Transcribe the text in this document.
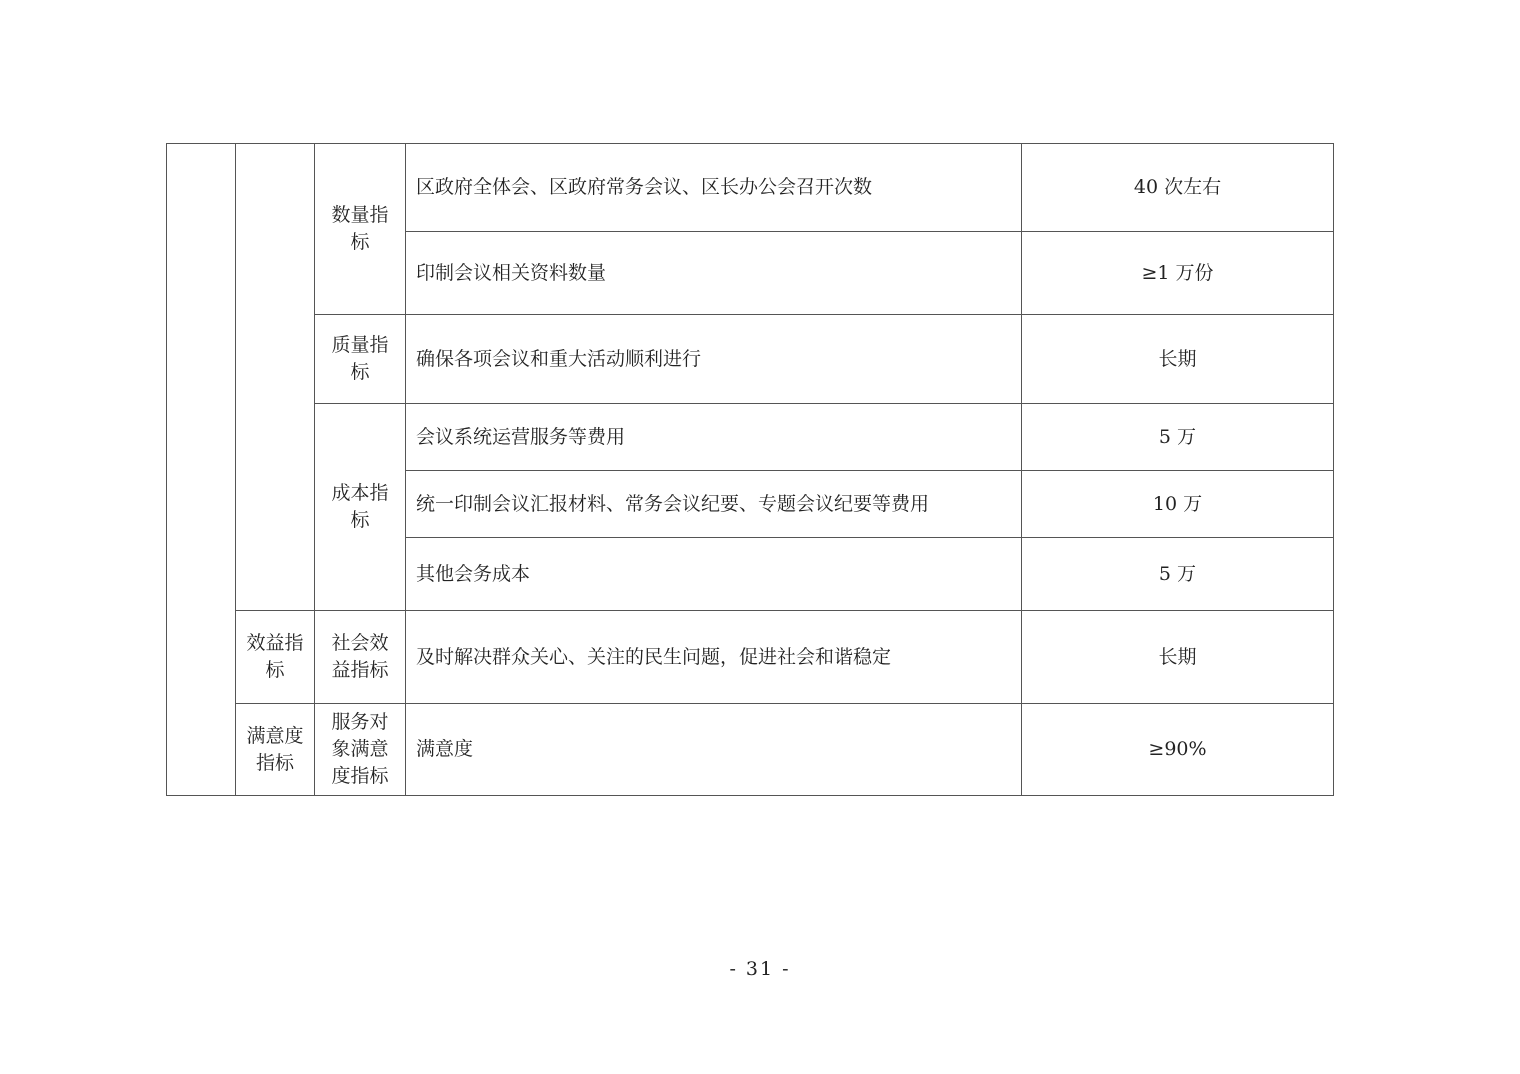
		数量指标	区政府全体会、区政府常务会议、区长办公会召开次数	40 次左右
			印制会议相关资料数量	≥1 万份
		质量指标	确保各项会议和重大活动顺利进行	长期
		成本指标	会议系统运营服务等费用	5 万
			统一印制会议汇报材料、常务会议纪要、专题会议纪要等费用	10 万
			其他会务成本	5 万
	效益指标	社会效益指标	及时解决群众关心、关注的民生问题，促进社会和谐稳定	长期
	满意度指标	服务对象满意度指标	满意度	≥90%
- 31 -
